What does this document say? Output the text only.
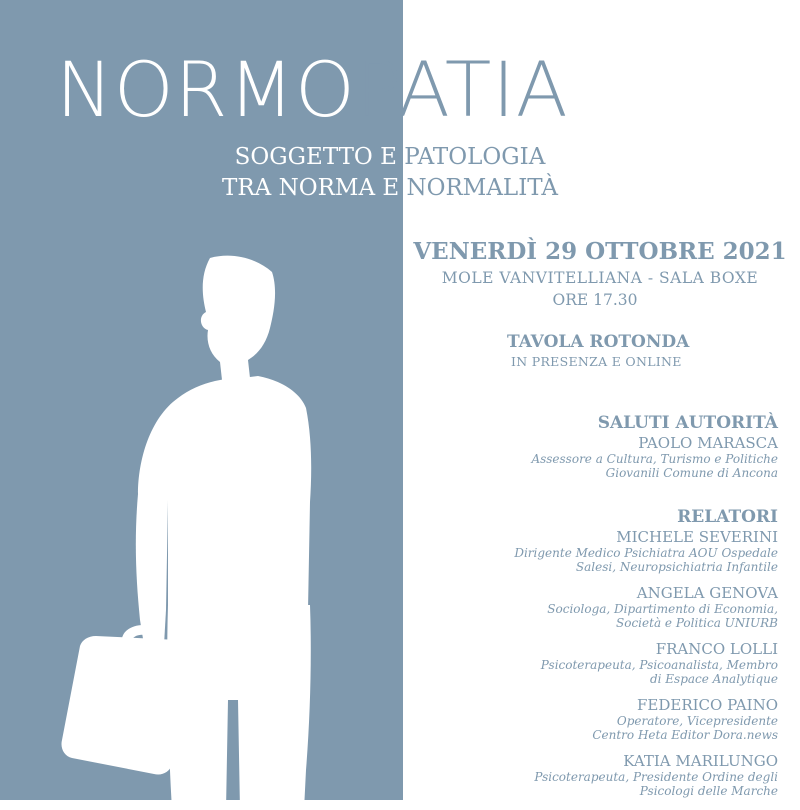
NORMOPATIA
SOGGETTO E PATOLOGIA
TRA NORMA E NORMALITÀ
VENERDÌ 29 OTTOBRE 2021
MOLE VANVITELLIANA - SALA BOXE
ORE 17.30
TAVOLA ROTONDA
IN PRESENZA E ONLINE

SALUTI AUTORITÀ

PAOLO MARASCA

Assessore a Cultura, Turismo e Politiche

Giovanili Comune di Ancona

RELATORI

MICHELE SEVERINI

Dirigente Medico Psichiatra AOU Ospedale

Salesi, Neuropsichiatria Infantile

ANGELA GENOVA

Sociologa, Dipartimento di Economia,

Società e Politica UNIURB

FRANCO LOLLI

Psicoterapeuta, Psicoanalista, Membro

di Espace Analytique

FEDERICO PAINO

Operatore, Vicepresidente

Centro Heta Editor Dora.news

KATIA MARILUNGO

Psicoterapeuta, Presidente Ordine degli

Psicologi delle Marche
